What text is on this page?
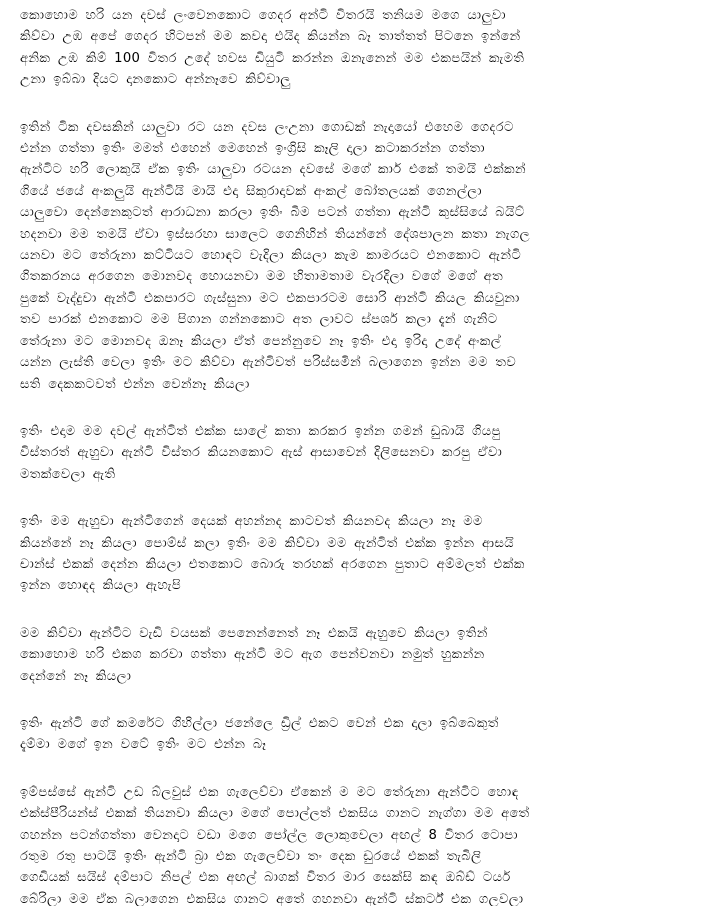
කොහොම හරි යන දවස් ලංවෙනකොට ගෙදර අන්ටි විතරයි තනියම මගෙ යාලුවා
කිව්වා උඹ අපේ ගෙදර හිටපන් මම කවදා එයිද කියන්න බෑ තාත්තත් පිටනෙ ඉන්නේ
අනික උඹ කිම් 100 විතර උදේ හවස ඩියුටි කරන්න ඔනැනෙන් මම එකපයින් කැමති
උනා ඉබ්බා දියට දානකොට අන්නෑවෙ කිව්වාලු
ඉතින් ටික දවසකින් යාලුවා රට යන දවස ලංඋනා ගොඩක් නැදායෝ එහෙම ගෙදරට
එන්න ගත්තා ඉතිං මමත් එහෙන් මෙහෙන් ඉංග්‍රිසි කෑලි දාලා කටාකරන්න ගත්තා
ඇන්ටිට හරි ලොකුයි ඒක ඉතිං යාලුවා රටයන දවසේ මගේ කාර් එකේ තමයි එක්කන්
ගියේ ජයේ අංකලුයි ඇන්ටියි මායි එදා සිකුරාදාවක් අංකල් බෝතලයක් ගෙනල්ලා
යාලුවො දෙන්නෙකුටත් ආරාධනා කරලා ඉතිං බීම පටන් ගත්තා ඇන්ටි කුස්සියේ බයිට්
හදනවා මම තමයි ඒවා ඉස්සරහා සාලෙට ගෙනිහින් තියන්නේ දේශපාලන කතා නැගල
යනවා මට තේරුනා කට්ටියට හොඳට වැදිලා කියලා කැම කාමරයට එනකොට ඇන්ටි
ගිතකරනය අරගෙන මොනවද හොයනවා මම හිතාමතාම වැරදිලා වගේ මගේ අත
පුකේ වැද්දුවා ඇන්ටි එකපාරට ගැස්සුනා මට එකපාරටම සොරි ආන්ටි කියල කියවුනා
තව පාරක් එනකොට මම පිගාන ගන්නකොට අත ලාවට ස්පර්ශ කලා දැන් ගැනිට
තේරුනා මට මොනවද ඔනෑ කියලා ඒත් පෙන්නුවෙ නෑ ඉතිං එදා ඉරිදා උදේ අංකල්
යන්න ලැස්ති වෙලා ඉතිං මට කිව්වා ඇන්ටිවත් පරිස්සමින් බලාගෙන ඉන්න මම තව
සති දෙකකටවත් එන්න වෙන්නෑ කියලා
ඉතිං එදාම මම දවල් ඇන්ටිත් එක්ක සාලේ කතා කරකර ඉන්න ගමන් ඩුබායි ගියපු
විස්තරත් ඇහුවා ඇන්ටි විස්තර කියනකොට ඇස් ආසාවෙන් දිලිසෙනවා කරපු ඒවා
මතක්වෙලා ඇති
ඉතිං මම ඇහුවා ඇන්ටිගෙන් දෙයක් අහන්නද කාටවත් කියනවද කියලා නෑ මම
කියන්නේ නෑ කියලා පොම්ස් කලා ඉතිං මම කිව්වා මම ඇන්ටිත් එක්ක ඉන්න ආසයි
චාන්ස් එකක් දෙන්න කියලා එතකොට බොරු තරහක් අරගෙන පුතාට අම්මලත් එක්ක
ඉන්න හොඳද කියලා ඇහැපි
මම කිව්වා ඇන්ටිට වැඩි වයසක් පෙනෙන්නෙත් නෑ එකයි ඇහුවෙ කියලා ඉතින්
කොහොම හරි එකග කරවා ගත්තා ඇන්ටි මට ඇග පෙන්වනවා නමුත් හුකන්න
දෙන්නේ නෑ කියලා
ඉතිං ඇන්ටි ගේ කමරේට ගිහිල්ලා ජනේලෙ ඩ්‍රිල් එකට වෙන් එක දාලා ඉබ්බෙකුත්
දැම්මා මගේ ඉන වටේ ඉතිං මට එන්න බෑ
ඉම්පස්සේ ඇන්ටි උඩ බ්ලවුස් එක ගැලෙව්වා ඒකෙන් ම මට තේරුනා ඇන්ටිට හොඳ
එක්ස්පීරියන්ස් එකක් තියනවා කියලා මගේ පොල්ලත් එකසිය ගානට නැග්ගා මම අතේ
ගහන්න පටන්ගත්තා වෙනදාට වඩා මගෙ පෝල්ල ලොකුවෙලා අඟල් 8 විතර ටොපා
රතුම රතු පාටයි ඉතිං ඇන්ටි බ්‍රා එක ගැලෙව්වා තං දෙක ඩුරයේ එකක් තැබිලි
ගෙඩියක් සයිස් දම්පාට නිපල් එක අඟල් බාගක් විතර මාර සෙක්සි කඳ ඔබ්ඩ් ටයර්
බේරිලා මම ඒක බලාගෙන එකසිය ගානට අතේ ගහනවා ඇන්ටි ස්කර්ට් එක ගලවලා
